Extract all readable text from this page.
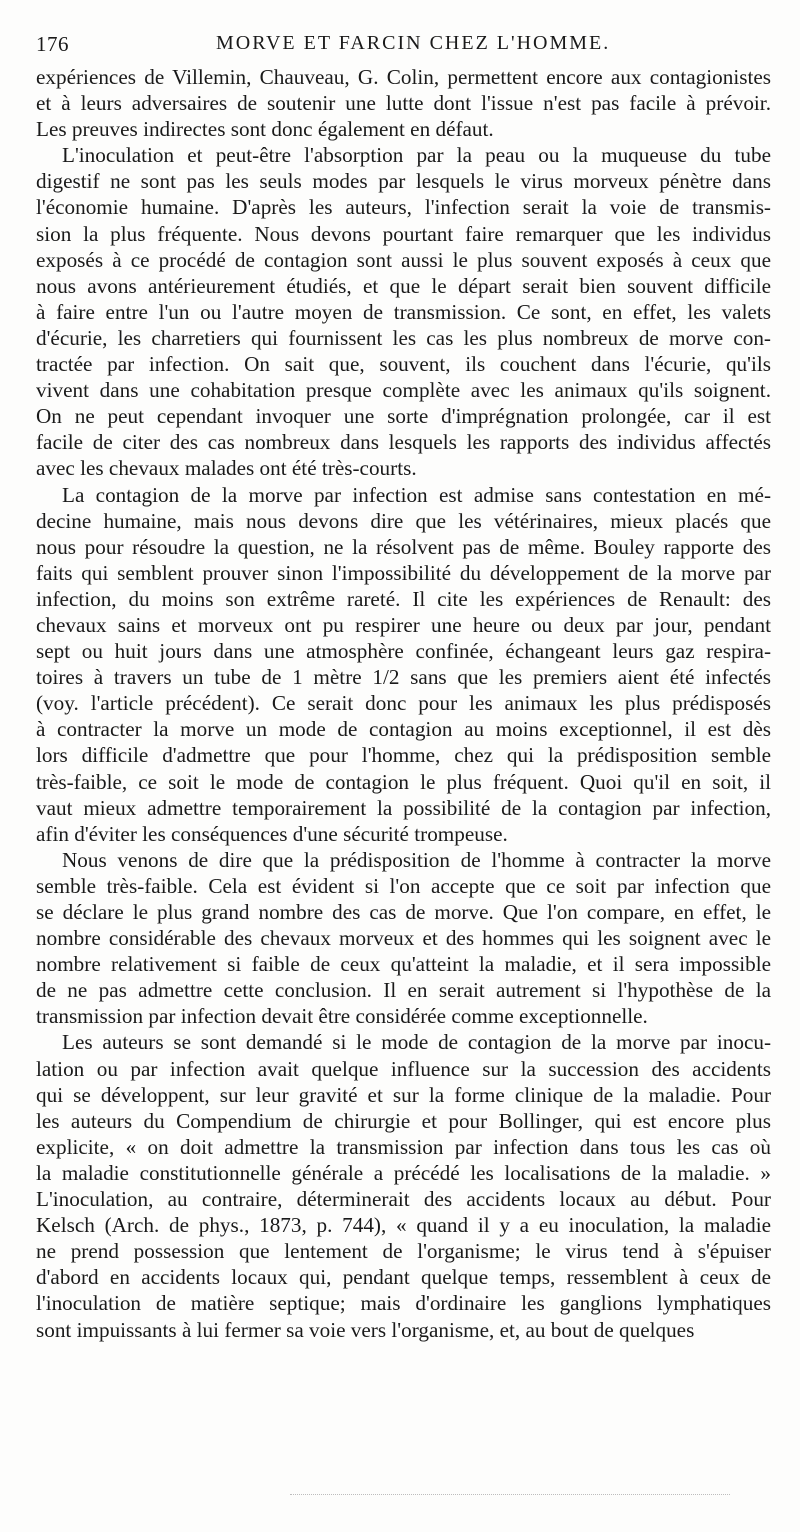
176	MORVE ET FARCIN CHEZ L'HOMME.
expériences de Villemin, Chauveau, G. Colin, permettent encore aux contagionistes
et à leurs adversaires de soutenir une lutte dont l'issue n'est pas facile à prévoir.
Les preuves indirectes sont donc également en défaut.
L'inoculation et peut-être l'absorption par la peau ou la muqueuse du tube
digestif ne sont pas les seuls modes par lesquels le virus morveux pénètre dans
l'économie humaine. D'après les auteurs, l'infection serait la voie de transmis-
sion la plus fréquente. Nous devons pourtant faire remarquer que les individus
exposés à ce procédé de contagion sont aussi le plus souvent exposés à ceux que
nous avons antérieurement étudiés, et que le départ serait bien souvent difficile
à faire entre l'un ou l'autre moyen de transmission. Ce sont, en effet, les valets
d'écurie, les charretiers qui fournissent les cas les plus nombreux de morve con-
tractée par infection. On sait que, souvent, ils couchent dans l'écurie, qu'ils
vivent dans une cohabitation presque complète avec les animaux qu'ils soignent.
On ne peut cependant invoquer une sorte d'imprégnation prolongée, car il est
facile de citer des cas nombreux dans lesquels les rapports des individus affectés
avec les chevaux malades ont été très-courts.
La contagion de la morve par infection est admise sans contestation en mé-
decine humaine, mais nous devons dire que les vétérinaires, mieux placés que
nous pour résoudre la question, ne la résolvent pas de même. Bouley rapporte des
faits qui semblent prouver sinon l'impossibilité du développement de la morve par
infection, du moins son extrême rareté. Il cite les expériences de Renault: des
chevaux sains et morveux ont pu respirer une heure ou deux par jour, pendant
sept ou huit jours dans une atmosphère confinée, échangeant leurs gaz respira-
toires à travers un tube de 1 mètre 1/2 sans que les premiers aient été infectés
(voy. l'article précédent). Ce serait donc pour les animaux les plus prédisposés
à contracter la morve un mode de contagion au moins exceptionnel, il est dès
lors difficile d'admettre que pour l'homme, chez qui la prédisposition semble
très-faible, ce soit le mode de contagion le plus fréquent. Quoi qu'il en soit, il
vaut mieux admettre temporairement la possibilité de la contagion par infection,
afin d'éviter les conséquences d'une sécurité trompeuse.
Nous venons de dire que la prédisposition de l'homme à contracter la morve
semble très-faible. Cela est évident si l'on accepte que ce soit par infection que
se déclare le plus grand nombre des cas de morve. Que l'on compare, en effet, le
nombre considérable des chevaux morveux et des hommes qui les soignent avec le
nombre relativement si faible de ceux qu'atteint la maladie, et il sera impossible
de ne pas admettre cette conclusion. Il en serait autrement si l'hypothèse de la
transmission par infection devait être considérée comme exceptionnelle.
Les auteurs se sont demandé si le mode de contagion de la morve par inocu-
lation ou par infection avait quelque influence sur la succession des accidents
qui se développent, sur leur gravité et sur la forme clinique de la maladie. Pour
les auteurs du Compendium de chirurgie et pour Bollinger, qui est encore plus
explicite, « on doit admettre la transmission par infection dans tous les cas où
la maladie constitutionnelle générale a précédé les localisations de la maladie. »
L'inoculation, au contraire, déterminerait des accidents locaux au début. Pour
Kelsch (Arch. de phys., 1873, p. 744), « quand il y a eu inoculation, la maladie
ne prend possession que lentement de l'organisme; le virus tend à s'épuiser
d'abord en accidents locaux qui, pendant quelque temps, ressemblent à ceux de
l'inoculation de matière septique; mais d'ordinaire les ganglions lymphatiques
sont impuissants à lui fermer sa voie vers l'organisme, et, au bout de quelques
